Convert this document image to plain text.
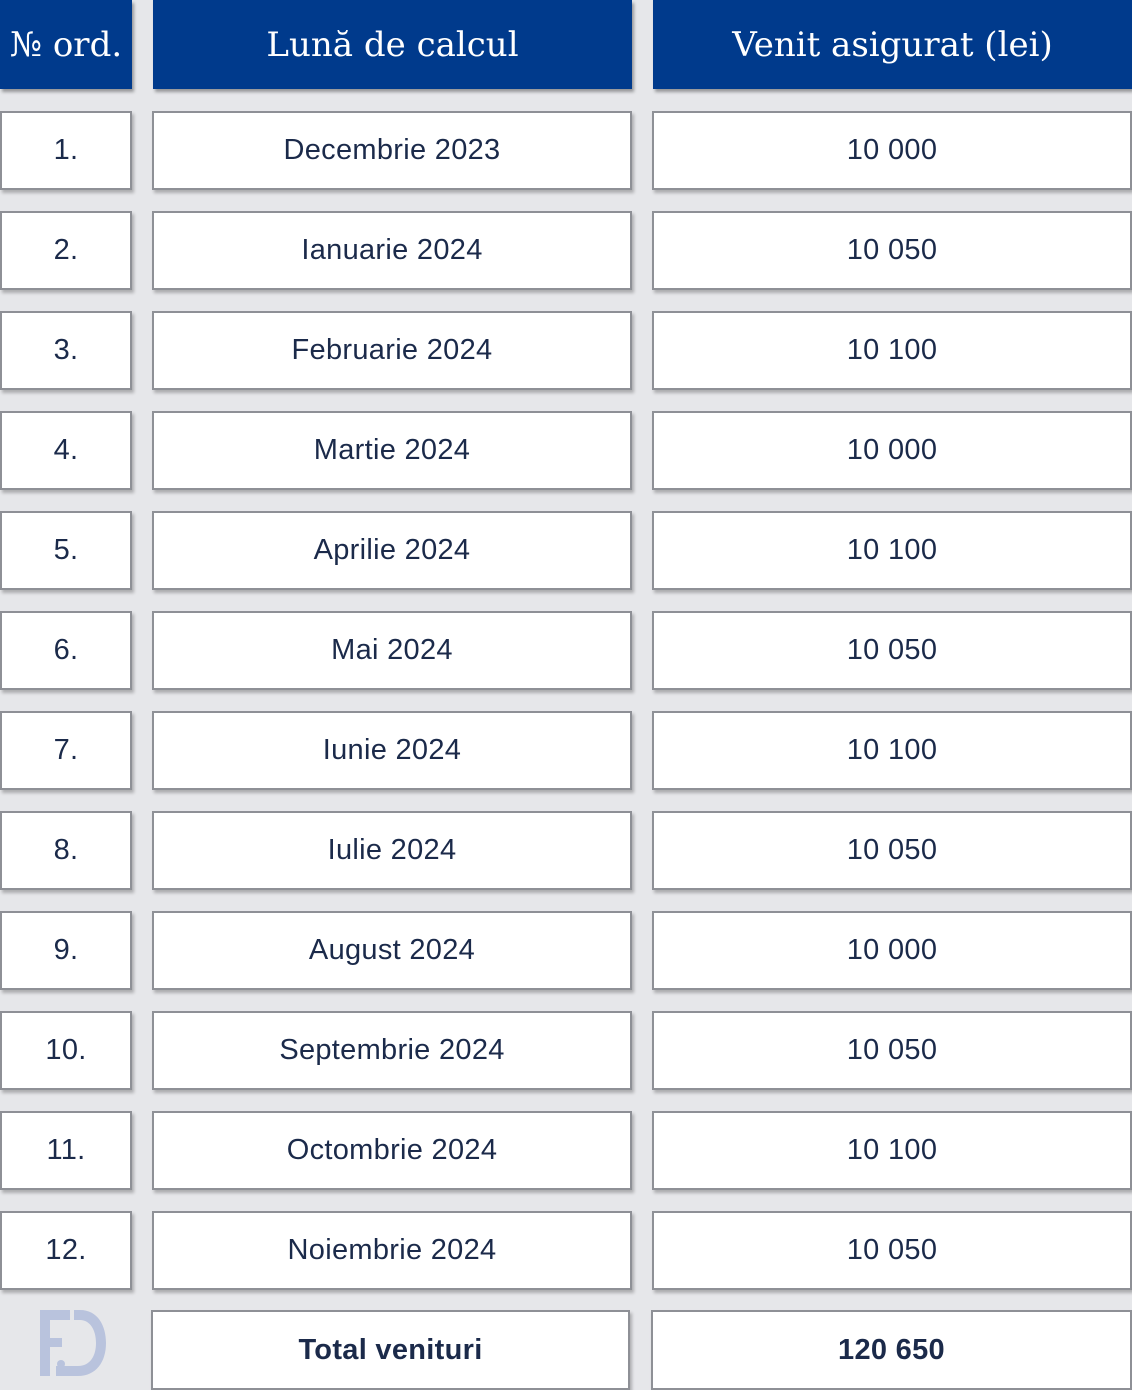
№ ord.	Lună de calcul	Venit asigurat (lei)
1.	Decembrie 2023	10 000
2.	Ianuarie 2024	10 050
3.	Februarie 2024	10 100
4.	Martie 2024	10 000
5.	Aprilie 2024	10 100
6.	Mai 2024	10 050
7.	Iunie 2024	10 100
8.	Iulie 2024	10 050
9.	August 2024	10 000
10.	Septembrie 2024	10 050
11.	Octombrie 2024	10 100
12.	Noiembrie 2024	10 050
Total venituri	120 650
